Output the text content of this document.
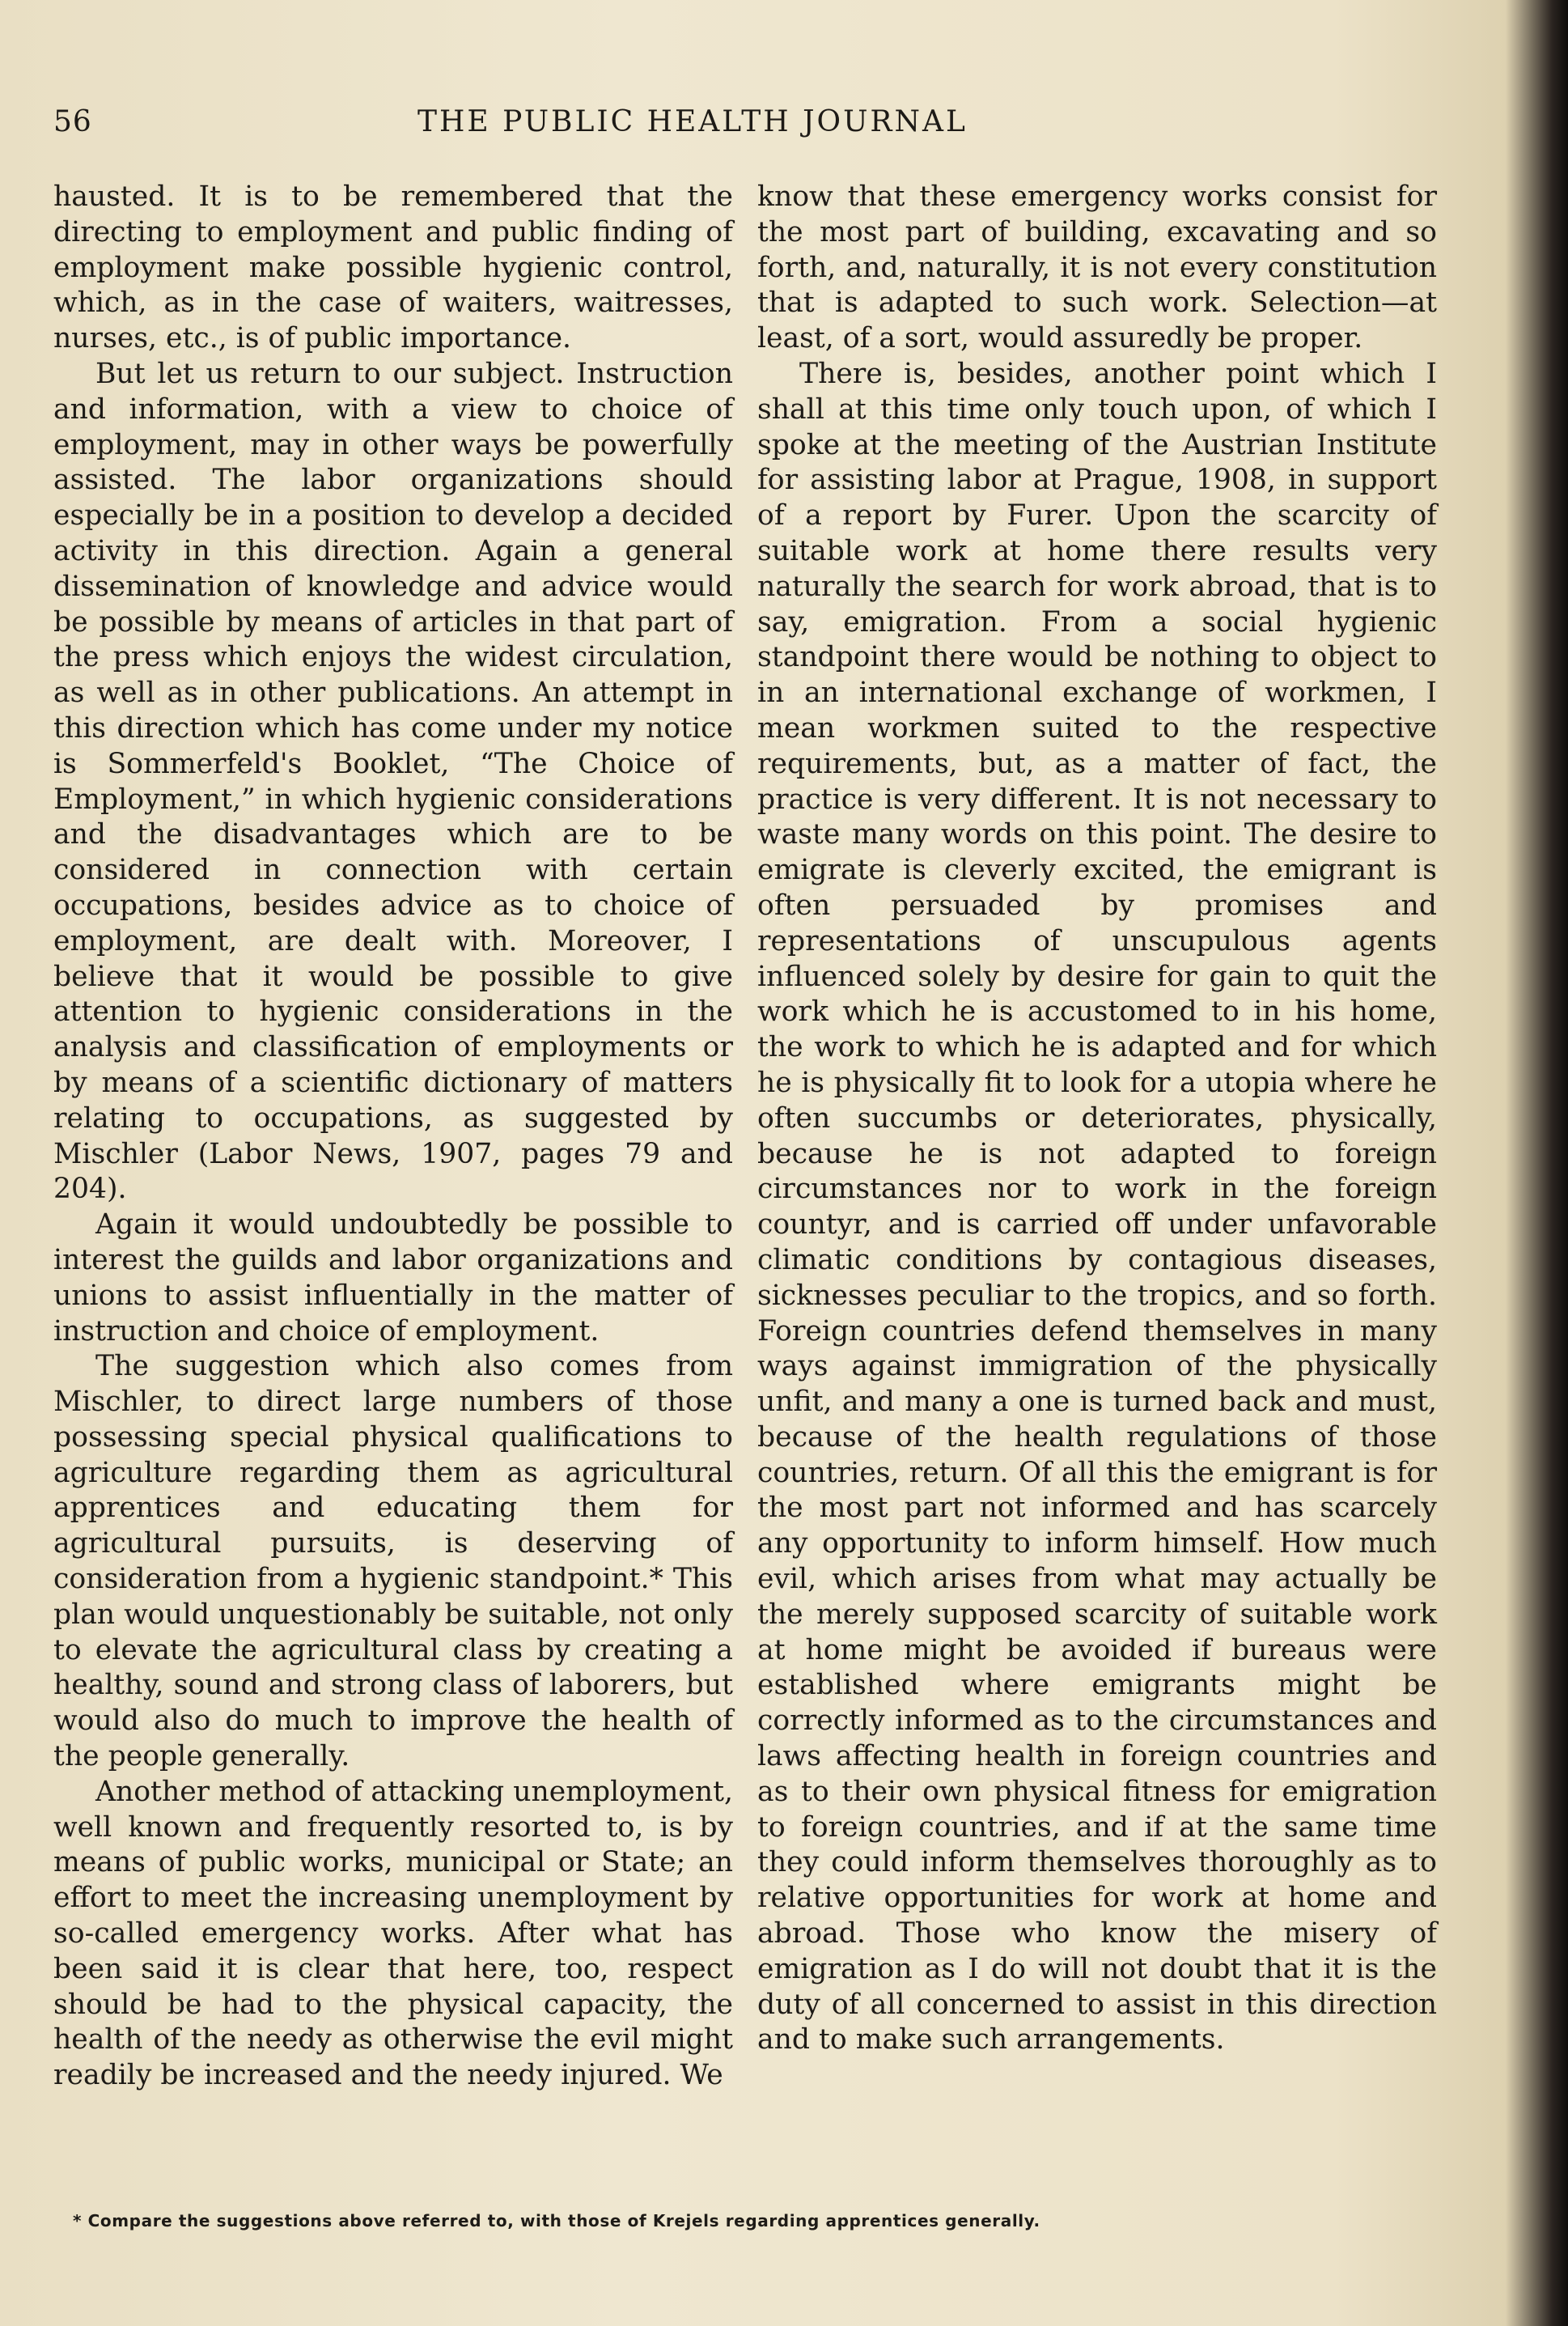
56	THE PUBLIC HEALTH JOURNAL

hausted. It is to be remembered that the directing to employment and public finding of employment make possible hygienic control, which, as in the case of waiters, waitresses, nurses, etc., is of public importance.

But let us return to our subject. Instruction and information, with a view to choice of employment, may in other ways be powerfully assisted. The labor organizations should especially be in a position to develop a decided activity in this direction. Again a general dissemination of knowledge and advice would be possible by means of articles in that part of the press which enjoys the widest circulation, as well as in other publications. An attempt in this direction which has come under my notice is Sommerfeld's Booklet, “The Choice of Employment,” in which hygienic considerations and the disadvantages which are to be considered in connection with certain occupations, besides advice as to choice of employment, are dealt with. Moreover, I believe that it would be possible to give attention to hygienic considerations in the analysis and classification of employments or by means of a scientific dictionary of matters relating to occupations, as suggested by Mischler (Labor News, 1907, pages 79 and 204).

Again it would undoubtedly be possible to interest the guilds and labor organizations and unions to assist influentially in the matter of instruction and choice of employment.

The suggestion which also comes from Mischler, to direct large numbers of those possessing special physical qualifications to agriculture regarding them as agricultural apprentices and educating them for agricultural pursuits, is deserving of consideration from a hygienic standpoint.* This plan would unquestionably be suitable, not only to elevate the agricultural class by creating a healthy, sound and strong class of laborers, but would also do much to improve the health of the people generally.

Another method of attacking unemployment, well known and frequently resorted to, is by means of public works, municipal or State; an effort to meet the increasing unemployment by so-called emergency works. After what has been said it is clear that here, too, respect should be had to the physical capacity, the health of the needy as otherwise the evil might readily be increased and the needy injured. We

know that these emergency works consist for the most part of building, excavating and so forth, and, naturally, it is not every constitution that is adapted to such work. Selection—at least, of a sort, would assuredly be proper.

There is, besides, another point which I shall at this time only touch upon, of which I spoke at the meeting of the Austrian Institute for assisting labor at Prague, 1908, in support of a report by Furer. Upon the scarcity of suitable work at home there results very naturally the search for work abroad, that is to say, emigration. From a social hygienic standpoint there would be nothing to object to in an international exchange of workmen, I mean workmen suited to the respective requirements, but, as a matter of fact, the practice is very different. It is not necessary to waste many words on this point. The desire to emigrate is cleverly excited, the emigrant is often persuaded by promises and representations of unscupulous agents influenced solely by desire for gain to quit the work which he is accustomed to in his home, the work to which he is adapted and for which he is physically fit to look for a utopia where he often succumbs or deteriorates, physically, because he is not adapted to foreign circumstances nor to work in the foreign countyr, and is carried off under unfavorable climatic conditions by contagious diseases, sicknesses peculiar to the tropics, and so forth. Foreign countries defend themselves in many ways against immigration of the physically unfit, and many a one is turned back and must, because of the health regulations of those countries, return. Of all this the emigrant is for the most part not informed and has scarcely any opportunity to inform himself. How much evil, which arises from what may actually be the merely supposed scarcity of suitable work at home might be avoided if bureaus were established where emigrants might be correctly informed as to the circumstances and laws affecting health in foreign countries and as to their own physical fitness for emigration to foreign countries, and if at the same time they could inform themselves thoroughly as to relative opportunities for work at home and abroad. Those who know the misery of emigration as I do will not doubt that it is the duty of all concerned to assist in this direction and to make such arrangements.

* Compare the suggestions above referred to, with those of Krejels regarding apprentices generally.
